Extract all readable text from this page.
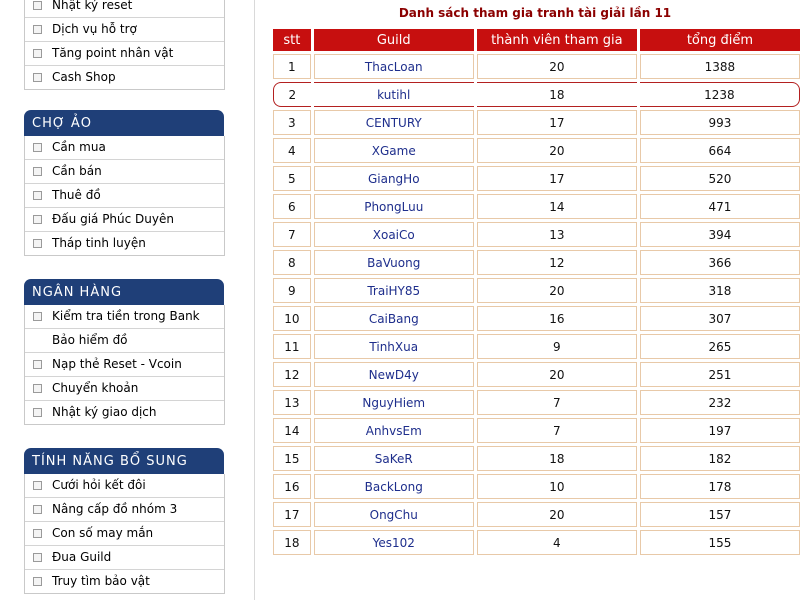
Nhật ký reset
Dịch vụ hỗ trợ
Tăng point nhân vật
Cash Shop
CHỢ ẢO
Cần mua
Cần bán
Thuê đồ
Đấu giá Phúc Duyên
Tháp tinh luyện
NGÂN HÀNG
Kiểm tra tiền trong Bank
Bảo hiểm đồ
Nạp thẻ Reset - Vcoin
Chuyển khoản
Nhật ký giao dịch
TÍNH NĂNG BỔ SUNG
Cưới hỏi kết đôi
Nâng cấp đồ nhóm 3
Con số may mắn
Đua Guild
Truy tìm bảo vật
Danh sách tham gia tranh tài giải lần 11
stt	Guild	thành viên tham gia	tổng điểm
1	ThacLoan	20	1388
2	kutihl	18	1238
3	CENTURY	17	993
4	XGame	20	664
5	GiangHo	17	520
6	PhongLuu	14	471
7	XoaiCo	13	394
8	BaVuong	12	366
9	TraiHY85	20	318
10	CaiBang	16	307
11	TinhXua	9	265
12	NewD4y	20	251
13	NguyHiem	7	232
14	AnhvsEm	7	197
15	SaKeR	18	182
16	BackLong	10	178
17	OngChu	20	157
18	Yes102	4	155
